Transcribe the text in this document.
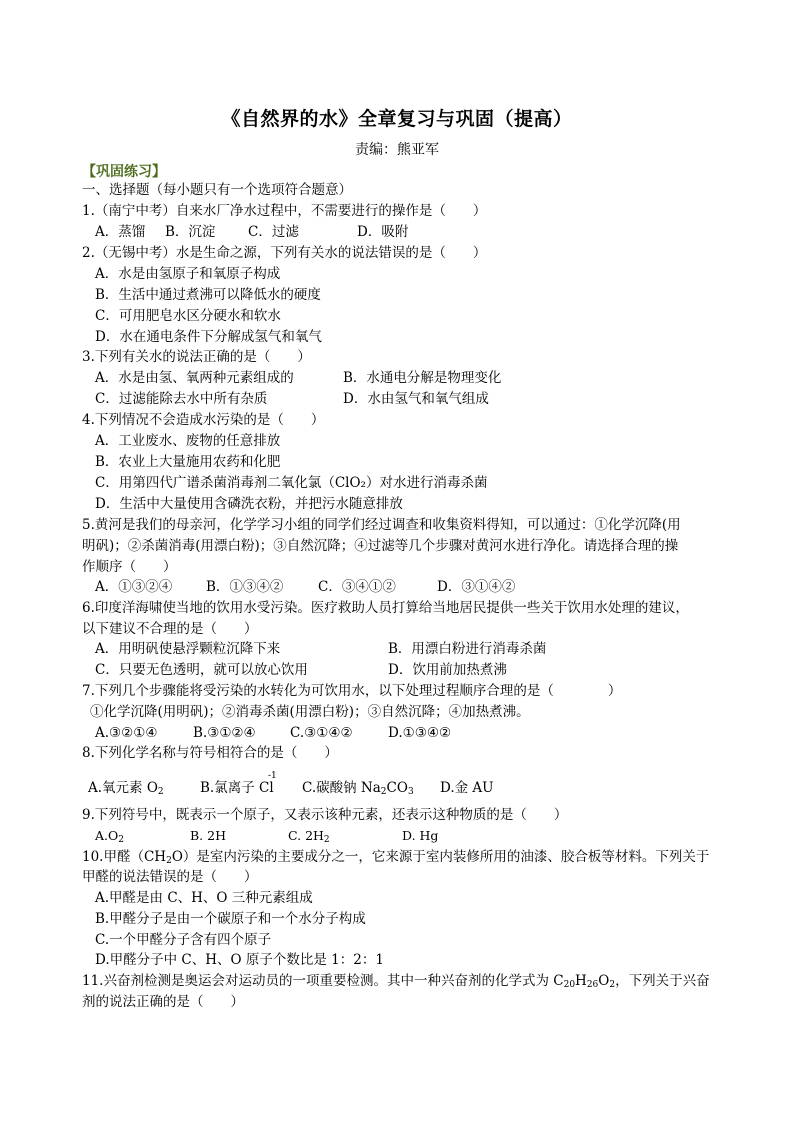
《自然界的水》全章复习与巩固（提高）
责编：熊亚军
【巩固练习】
一、选择题（每小题只有一个选项符合题意）
1.（南宁中考）自来水厂净水过程中，不需要进行的操作是（　　）
A．蒸馏 B．沉淀 C．过滤	D．吸附
2.（无锡中考）水是生命之源，下列有关水的说法错误的是（　　）
A．水是由氢原子和氧原子构成
B．生活中通过煮沸可以降低水的硬度
C．可用肥皂水区分硬水和软水
D．水在通电条件下分解成氢气和氧气
3.下列有关水的说法正确的是（　　）
A．水是由氢、氧两种元素组成的	B．水通电分解是物理变化
C．过滤能除去水中所有杂质	D．水由氢气和氧气组成
4.下列情况不会造成水污染的是（　　）
A．工业废水、废物的任意排放
B．农业上大量施用农药和化肥
C．用第四代广谱杀菌消毒剂二氧化氯（ClO₂）对水进行消毒杀菌
D．生活中大量使用含磷洗衣粉，并把污水随意排放
5.黄河是我们的母亲河，化学学习小组的同学们经过调查和收集资料得知，可以通过：①化学沉降(用
明矾)；②杀菌消毒(用漂白粉)；③自然沉降；④过滤等几个步骤对黄河水进行净化。请选择合理的操
作顺序（　　）
A．①③②④	B．①③④②	C．③④①②	D．③①④②
6.印度洋海啸使当地的饮用水受污染。医疗救助人员打算给当地居民提供一些关于饮用水处理的建议，
以下建议不合理的是（　　）
A．用明矾使悬浮颗粒沉降下来	B．用漂白粉进行消毒杀菌
C．只要无色透明，就可以放心饮用	D．饮用前加热煮沸
7.下列几个步骤能将受污染的水转化为可饮用水，以下处理过程顺序合理的是（　　　　）
①化学沉降(用明矾)；②消毒杀菌(用漂白粉)；③自然沉降；④加热煮沸。
A.③②①④	B.③①②④	C.③①④②	D.①③④②
8.下列化学名称与符号相符合的是（　　）
A.氧元素 $O_2$	B.氯离子 Cl
-1
C.碳酸钠 $Na_2CO_3$ D.金 AU
9.下列符号中，既表示一个原子，又表示该种元素，还表示这种物质的是（　　）
$A.O_2$	B. 2H	C. $2H_2$	D. Hg
10.甲醛$(CH_2O)$是室内污染的主要成分之一，它来源于室内装修所用的油漆、胶合板等材料。下列关于
甲醛的说法错误的是（　　）
A.甲醛是由 C、H、O 三种元素组成
B.甲醛分子是由一个碳原子和一个水分子构成
C.一个甲醛分子含有四个原子
D.甲醛分子中 C、H、O 原子个数比是 1：2：1
11.兴奋剂检测是奥运会对运动员的一项重要检测。其中一种兴奋剂的化学式为 $C_{20}H_{26}O_2$，下列关于兴奋
剂的说法正确的是（　　）
